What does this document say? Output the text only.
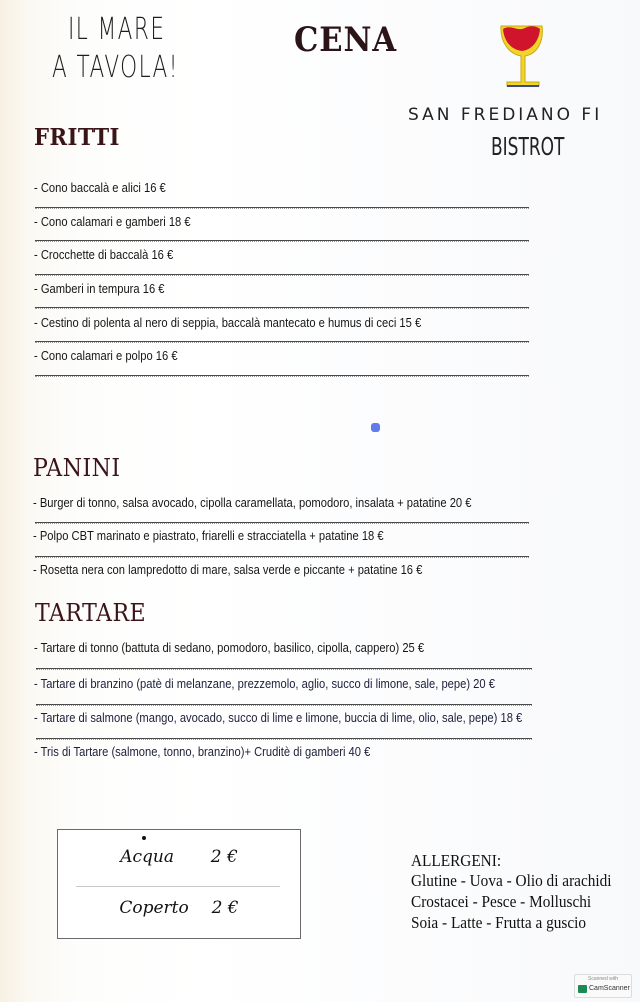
IL MARE
A TAVOLA!
CENA
SAN FREDIANO FI
BISTROT
FRITTI
- Cono baccalà e alici 16 €
- Cono calamari e gamberi 18 €
- Crocchette di baccalà 16 €
- Gamberi in tempura 16 €
- Cestino di polenta al nero di seppia, baccalà mantecato e humus di ceci 15 €
- Cono calamari e polpo 16 €
PANINI
- Burger di tonno, salsa avocado, cipolla caramellata, pomodoro, insalata + patatine 20 €
- Polpo CBT marinato e piastrato, friarelli e stracciatella + patatine 18 €
- Rosetta nera con lampredotto di mare, salsa verde e piccante + patatine 16 €
TARTARE
- Tartare di tonno (battuta di sedano, pomodoro, basilico, cipolla, cappero) 25 €
- Tartare di branzino (patè di melanzane, prezzemolo, aglio, succo di limone, sale, pepe) 20 €
- Tartare di salmone (mango, avocado, succo di lime e limone, buccia di lime, olio, sale, pepe) 18 €
- Tris di Tartare (salmone, tonno, branzino)+ Cruditè di gamberi 40 €
Acqua 2 €
Coperto 2 €
ALLERGENI:
Glutine - Uova - Olio di arachidi
Crostacei - Pesce - Molluschi
Soia - Latte - Frutta a guscio
Scanned with
CamScanner
